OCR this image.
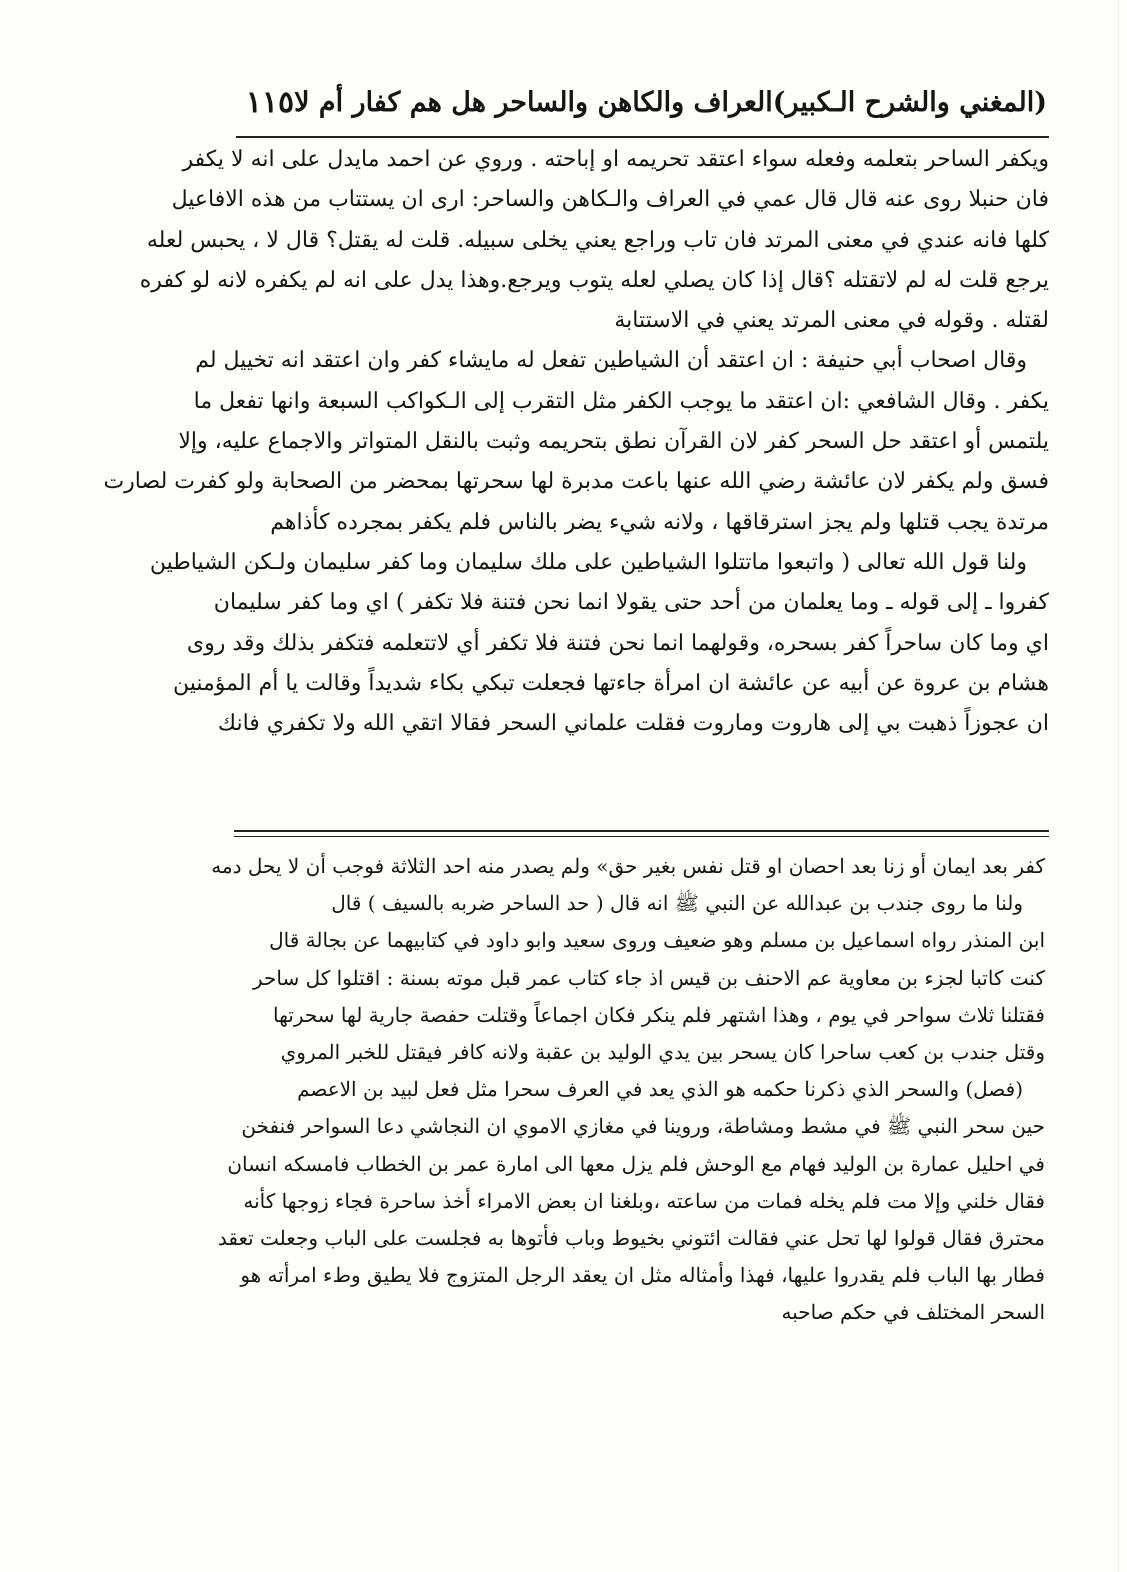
(المغني والشرح الـكبير)
العراف والكاهن والساحر هل هم كفار أم لا
١١٥
ويكفر الساحر بتعلمه وفعله سواء اعتقد تحريمه او إباحته . وروي عن احمد مايدل على انه لا يكفر
فان حنبلا روى عنه قال قال عمي في العراف والـكاهن والساحر: ارى ان يستتاب من هذه الافاعيل
كلها فانه عندي في معنى المرتد فان تاب وراجع يعني يخلى سبيله. قلت له يقتل؟ قال لا ، يحبس لعله
يرجع قلت له لم لاتقتله ؟قال إذا كان يصلي لعله يتوب ويرجع.وهذا يدل على انه لم يكفره لانه لو كفره
لقتله . وقوله في معنى المرتد يعني في الاستتابة
وقال اصحاب أبي حنيفة : ان اعتقد أن الشياطين تفعل له مايشاء كفر وان اعتقد انه تخييل لم
يكفر . وقال الشافعي :ان اعتقد ما يوجب الكفر مثل التقرب إلى الـكواكب السبعة وانها تفعل ما
يلتمس أو اعتقد حل السحر كفر لان القرآن نطق بتحريمه وثبت بالنقل المتواتر والاجماع عليه، وإلا
فسق ولم يكفر لان عائشة رضي الله عنها باعت مدبرة لها سحرتها بمحضر من الصحابة ولو كفرت لصارت
مرتدة يجب قتلها ولم يجز استرقاقها ، ولانه شيء يضر بالناس فلم يكفر بمجرده كأذاهم
ولنا قول الله تعالى ( واتبعوا ماتتلوا الشياطين على ملك سليمان وما كفر سليمان ولـكن الشياطين
كفروا ـ إلى قوله ـ وما يعلمان من أحد حتى يقولا انما نحن فتنة فلا تكفر ) اي وما كفر سليمان
اي وما كان ساحراً كفر بسحره، وقولهما انما نحن فتنة فلا تكفر أي لاتتعلمه فتكفر بذلك وقد روى
هشام بن عروة عن أبيه عن عائشة ان امرأة جاءتها فجعلت تبكي بكاء شديداً وقالت يا أم المؤمنين
ان عجوزاً ذهبت بي إلى هاروت وماروت فقلت علماني السحر فقالا اتقي الله ولا تكفري فانك
كفر بعد ايمان أو زنا بعد احصان او قتل نفس بغير حق» ولم يصدر منه احد الثلاثة فوجب أن لا يحل دمه
ولنا ما روى جندب بن عبدالله عن النبي ﷺ انه قال ( حد الساحر ضربه بالسيف ) قال
ابن المنذر رواه اسماعيل بن مسلم وهو ضعيف وروى سعيد وابو داود في كتابيهما عن بجالة قال
كنت كاتبا لجزء بن معاوية عم الاحنف بن قيس اذ جاء كتاب عمر قبل موته بسنة : اقتلوا كل ساحر
فقتلنا ثلاث سواحر في يوم ، وهذا اشتهر فلم ينكر فكان اجماعاً وقتلت حفصة جارية لها سحرتها
وقتل جندب بن كعب ساحرا كان يسحر بين يدي الوليد بن عقبة ولانه كافر فيقتل للخبر المروي
(فصل) والسحر الذي ذكرنا حكمه هو الذي يعد في العرف سحرا مثل فعل لبيد بن الاعصم
حين سحر النبي ﷺ في مشط ومشاطة، وروينا في مغازي الاموي ان النجاشي دعا السواحر فنفخن
في احليل عمارة بن الوليد فهام مع الوحش فلم يزل معها الى امارة عمر بن الخطاب فامسكه انسان
فقال خلني وإلا مت فلم يخله فمات من ساعته ،وبلغنا ان بعض الامراء أخذ ساحرة فجاء زوجها كأنه
محترق فقال قولوا لها تحل عني فقالت ائتوني بخيوط وباب فأتوها به فجلست على الباب وجعلت تعقد
فطار بها الباب فلم يقدروا عليها، فهذا وأمثاله مثل ان يعقد الرجل المتزوج فلا يطيق وطء امرأته هو
السحر المختلف في حكم صاحبه
